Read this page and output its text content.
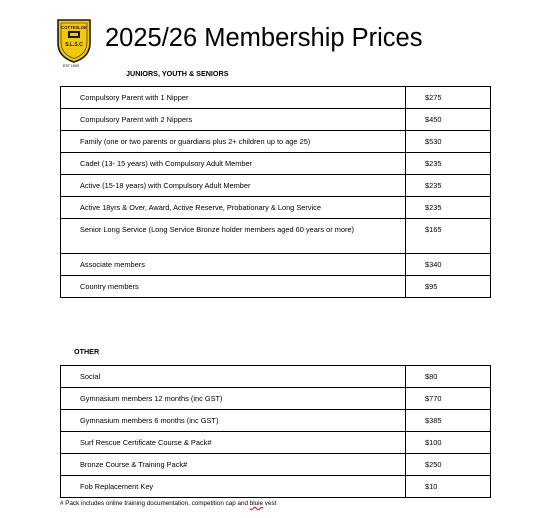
COTTESLOE
S.L.S.C
EST 1909
2025/26 Membership Prices
JUNIORS, YOUTH & SENIORS
Compulsory Parent with 1 Nipper	$275
Compulsory Parent with 2 Nippers	$450
Family (one or two parents or guardians plus 2+ children up to age 25)	$530
Cadet (13- 15 years) with Compulsory Adult Member	$235
Active (15-18 years) with Compulsory Adult Member	$235
Active 18yrs & Over, Award, Active Reserve, Probationary & Long Service	$235
Senior Long Service (Long Service Bronze holder members aged 60 years or more)	$165
Associate members	$340
Country members	$95
OTHER
Social	$80
Gymnasium members 12 months (inc GST)	$770
Gymnasium members 6 months (inc GST)	$385
Surf Rescue Certificate Course & Pack#	$100
Bronze Course & Training Pack#	$250
Fob Replacement Key	$10
# Pack includes online training documentation, competition cap and bluie vest
